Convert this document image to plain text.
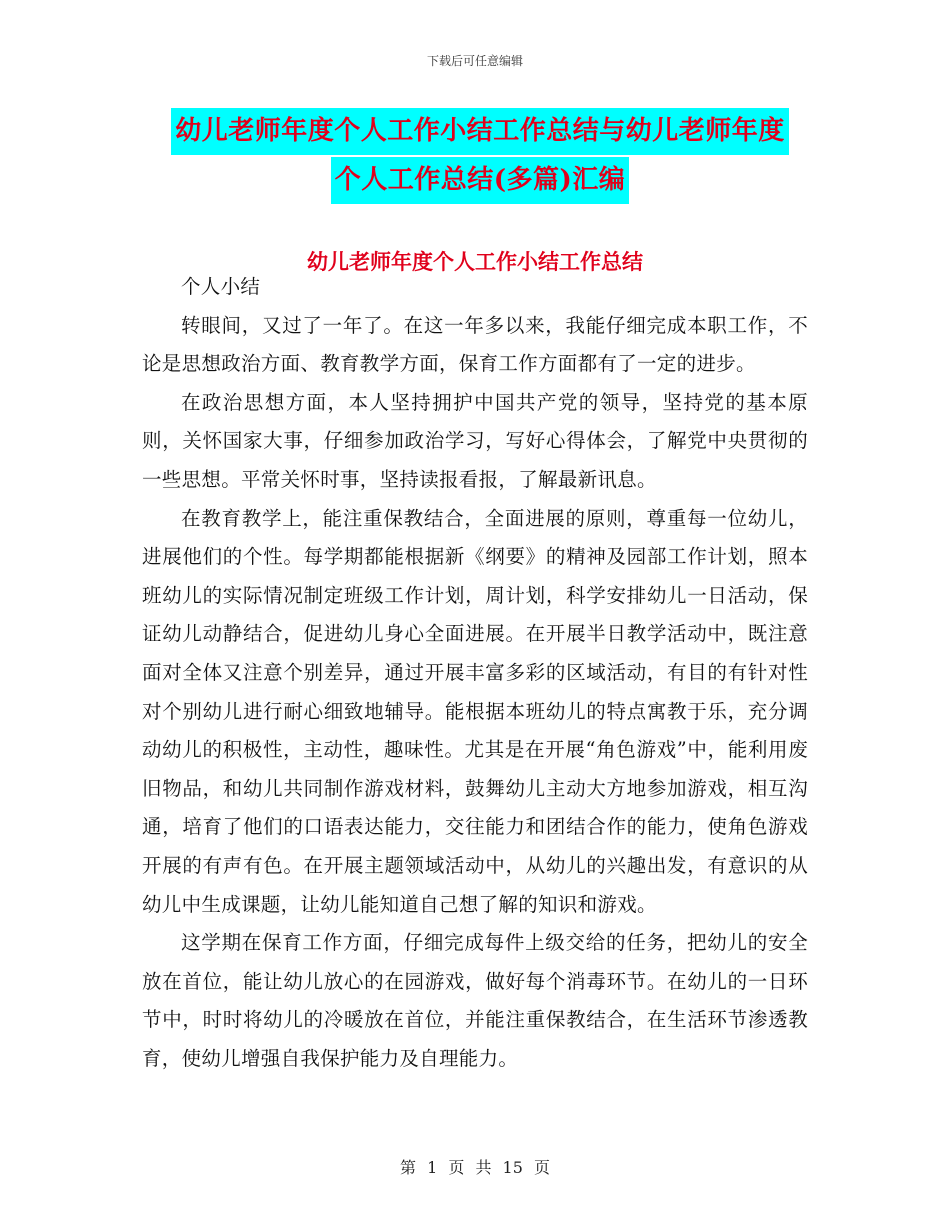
下载后可任意编辑
幼儿老师年度个人工作小结工作总结与幼儿老师年度
个人工作总结(多篇)汇编
幼儿老师年度个人工作小结工作总结

个人小结

转眼间，又过了一年了。在这一年多以来，我能仔细完成本职工作，不论是思想政治方面、教育教学方面，保育工作方面都有了一定的进步。

在政治思想方面，本人坚持拥护中国共产党的领导，坚持党的基本原则，关怀国家大事，仔细参加政治学习，写好心得体会，了解党中央贯彻的一些思想。平常关怀时事，坚持读报看报，了解最新讯息。

在教育教学上，能注重保教结合，全面进展的原则，尊重每一位幼儿，进展他们的个性。每学期都能根据新《纲要》的精神及园部工作计划，照本班幼儿的实际情况制定班级工作计划，周计划，科学安排幼儿一日活动，保证幼儿动静结合，促进幼儿身心全面进展。在开展半日教学活动中，既注意面对全体又注意个别差异，通过开展丰富多彩的区域活动，有目的有针对性对个别幼儿进行耐心细致地辅导。能根据本班幼儿的特点寓教于乐，充分调动幼儿的积极性，主动性，趣味性。尤其是在开展“角色游戏”中，能利用废旧物品，和幼儿共同制作游戏材料，鼓舞幼儿主动大方地参加游戏，相互沟通，培育了他们的口语表达能力，交往能力和团结合作的能力，使角色游戏开展的有声有色。在开展主题领域活动中，从幼儿的兴趣出发，有意识的从幼儿中生成课题，让幼儿能知道自己想了解的知识和游戏。

这学期在保育工作方面，仔细完成每件上级交给的任务，把幼儿的安全放在首位，能让幼儿放心的在园游戏，做好每个消毒环节。在幼儿的一日环节中，时时将幼儿的冷暖放在首位，并能注重保教结合，在生活环节渗透教育，使幼儿增强自我保护能力及自理能力。

第 1 页 共 15 页
